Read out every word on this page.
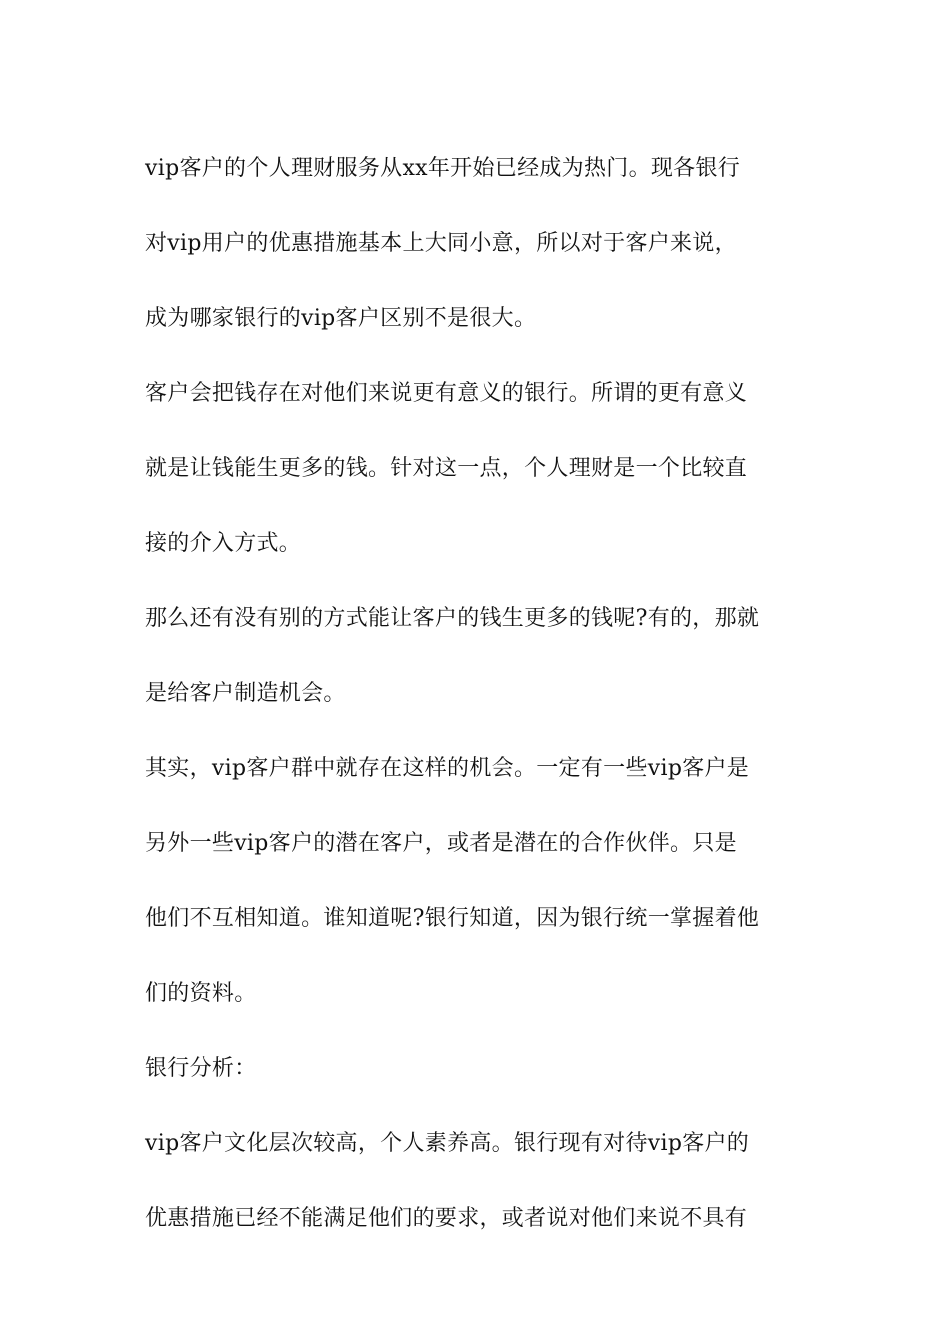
vip客户的个人理财服务从xx年开始已经成为热门。现各银行
对vip用户的优惠措施基本上大同小意，所以对于客户来说，
成为哪家银行的vip客户区别不是很大。
客户会把钱存在对他们来说更有意义的银行。所谓的更有意义
就是让钱能生更多的钱。针对这一点，个人理财是一个比较直
接的介入方式。
那么还有没有别的方式能让客户的钱生更多的钱呢?有的，那就
是给客户制造机会。
其实，vip客户群中就存在这样的机会。一定有一些vip客户是
另外一些vip客户的潜在客户，或者是潜在的合作伙伴。只是
他们不互相知道。谁知道呢?银行知道，因为银行统一掌握着他
们的资料。
银行分析：
vip客户文化层次较高，个人素养高。银行现有对待vip客户的
优惠措施已经不能满足他们的要求，或者说对他们来说不具有
